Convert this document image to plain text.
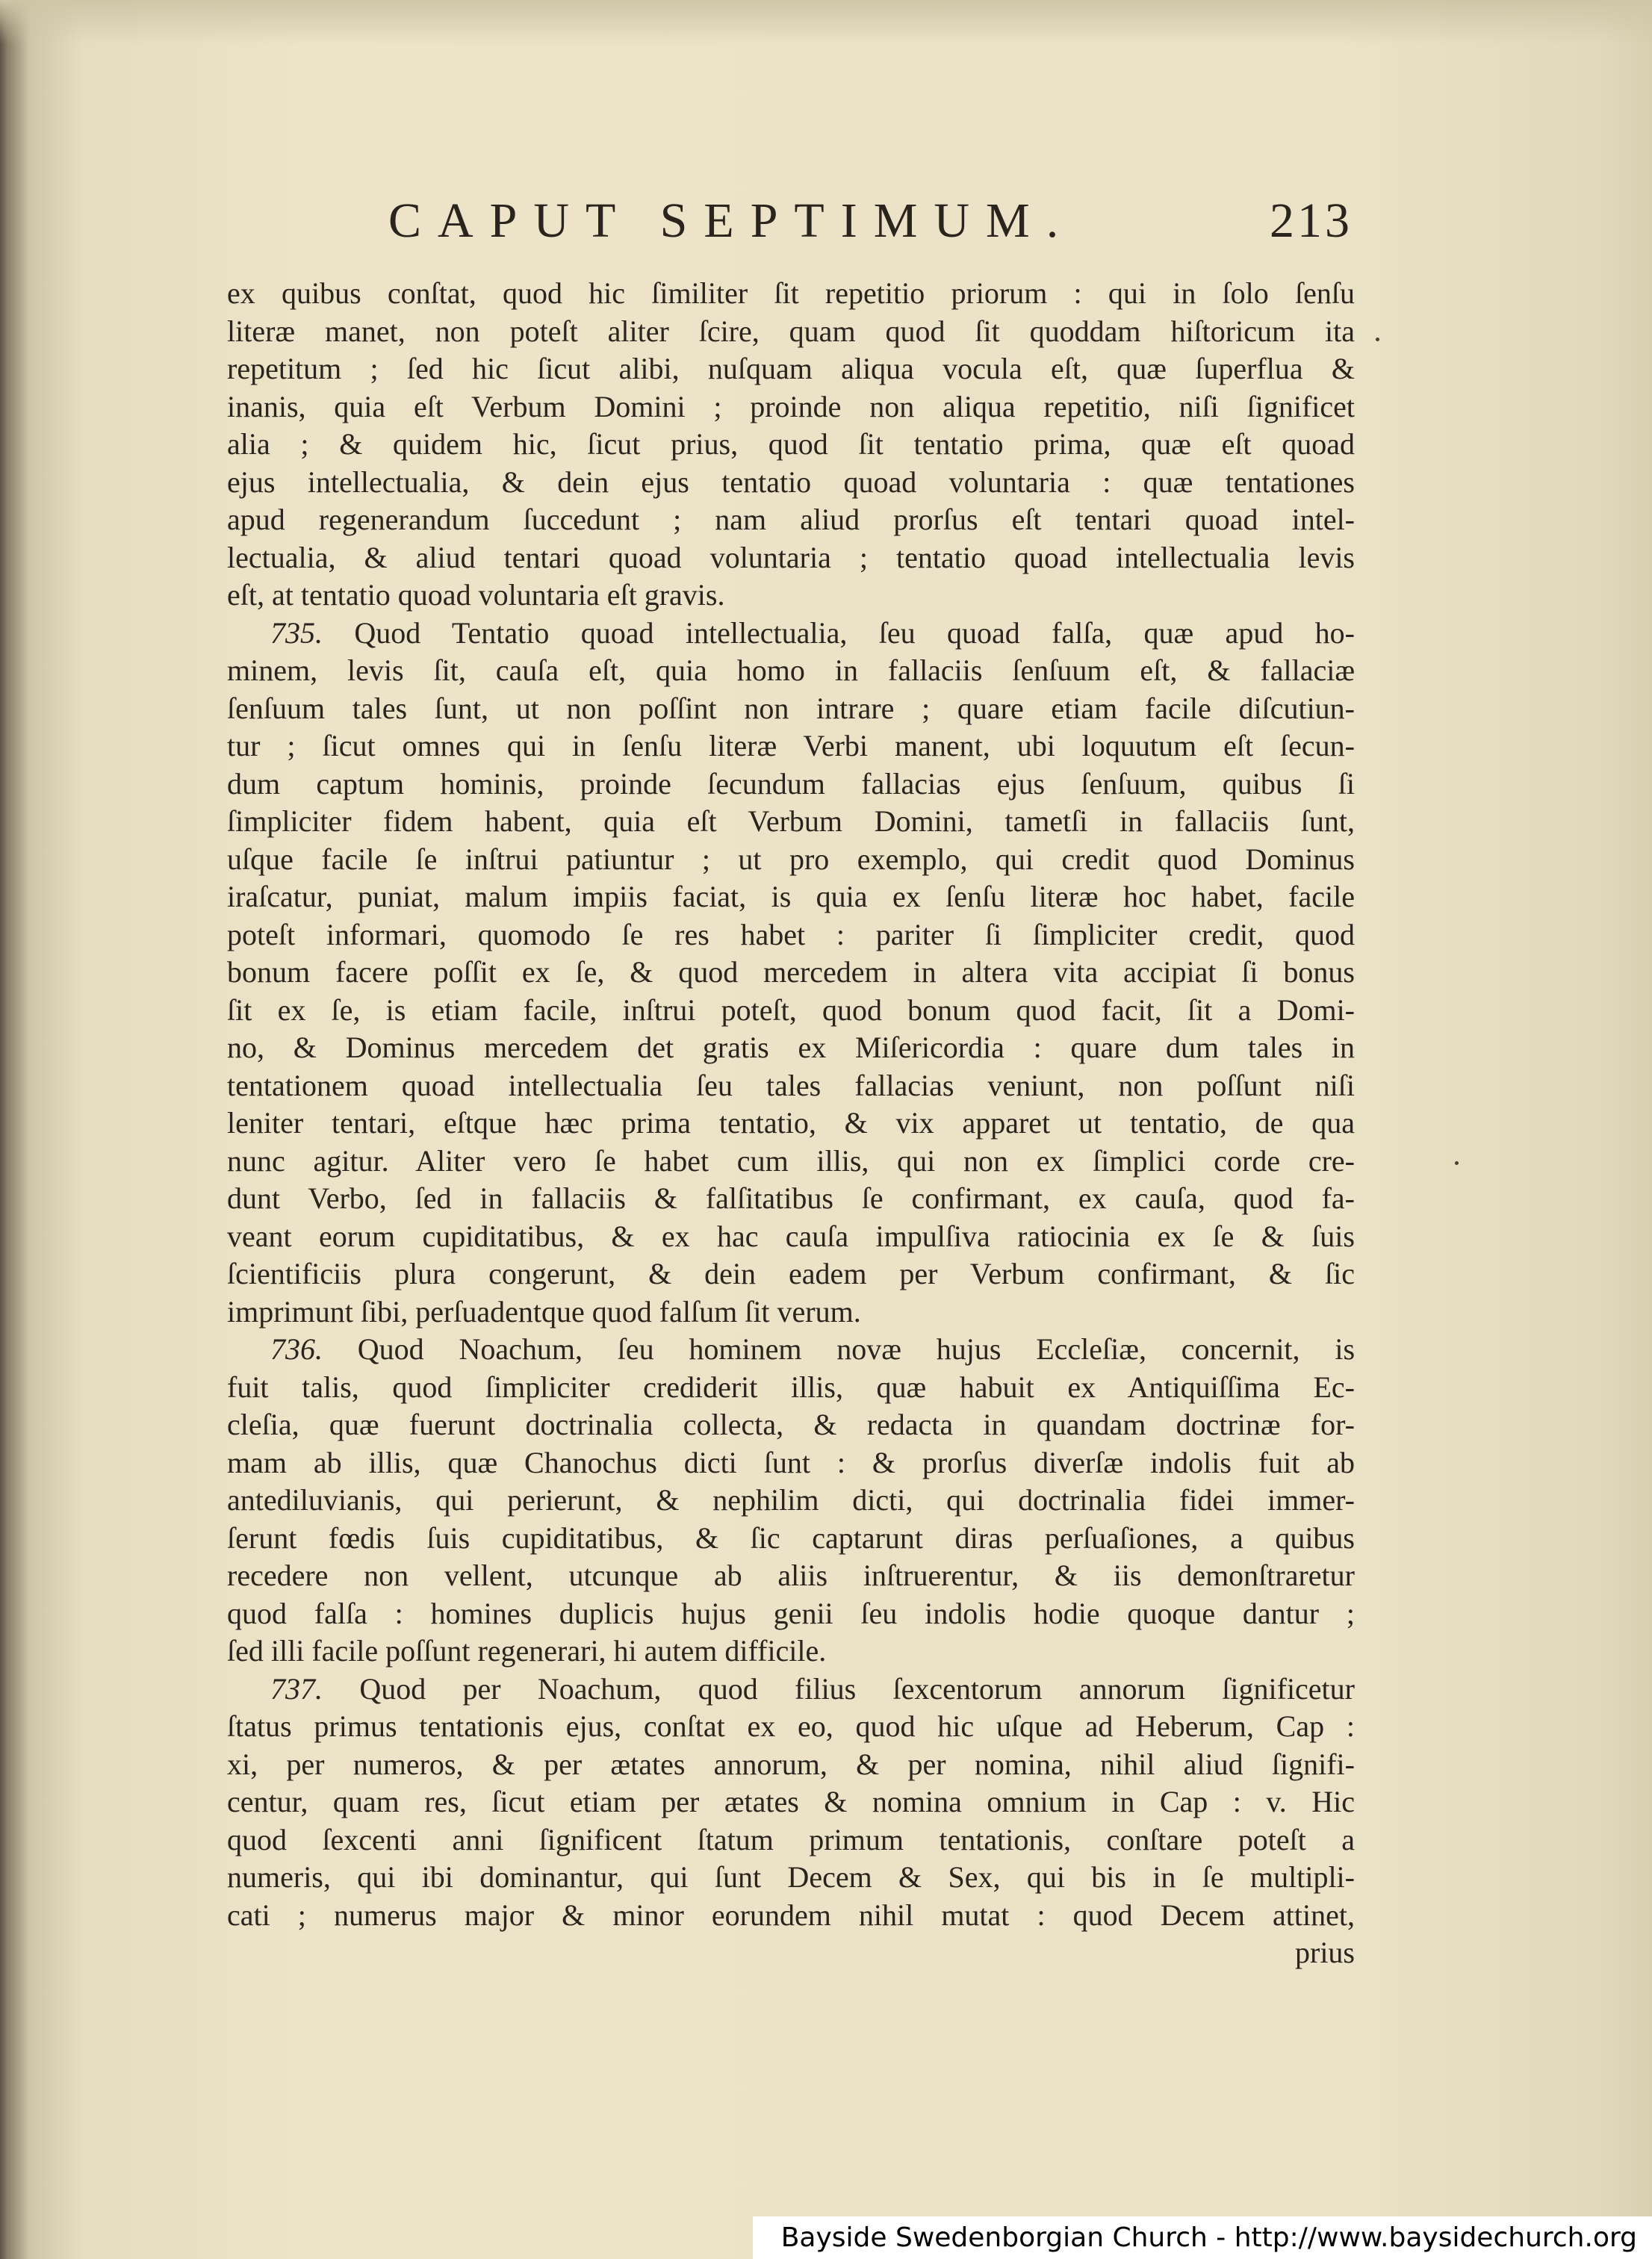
CAPUT SEPTIMUM.	213
ex quibus conſtat, quod hic ſimiliter ſit repetitio priorum : qui in ſolo ſenſu
literæ manet, non poteſt aliter ſcire, quam quod ſit quoddam hiſtoricum ita
repetitum ; ſed hic ſicut alibi, nuſquam aliqua vocula eſt, quæ ſuperflua &
inanis, quia eſt Verbum Domini ; proinde non aliqua repetitio, niſi ſignificet
alia ; & quidem hic, ſicut prius, quod ſit tentatio prima, quæ eſt quoad
ejus intellectualia, & dein ejus tentatio quoad voluntaria : quæ tentationes
apud regenerandum ſuccedunt ; nam aliud prorſus eſt tentari quoad intel-
lectualia, & aliud tentari quoad voluntaria ; tentatio quoad intellectualia levis
eſt, at tentatio quoad voluntaria eſt gravis.
735. Quod Tentatio quoad intellectualia, ſeu quoad falſa, quæ apud ho-
minem, levis ſit, cauſa eſt, quia homo in fallaciis ſenſuum eſt, & fallaciæ
ſenſuum tales ſunt, ut non poſſint non intrare ; quare etiam facile diſcutiun-
tur ; ſicut omnes qui in ſenſu literæ Verbi manent, ubi loquutum eſt ſecun-
dum captum hominis, proinde ſecundum fallacias ejus ſenſuum, quibus ſi
ſimpliciter fidem habent, quia eſt Verbum Domini, tametſi in fallaciis ſunt,
uſque facile ſe inſtrui patiuntur ; ut pro exemplo, qui credit quod Dominus
iraſcatur, puniat, malum impiis faciat, is quia ex ſenſu literæ hoc habet, facile
poteſt informari, quomodo ſe res habet : pariter ſi ſimpliciter credit, quod
bonum facere poſſit ex ſe, & quod mercedem in altera vita accipiat ſi bonus
ſit ex ſe, is etiam facile, inſtrui poteſt, quod bonum quod facit, ſit a Domi-
no, & Dominus mercedem det gratis ex Miſericordia : quare dum tales in
tentationem quoad intellectualia ſeu tales fallacias veniunt, non poſſunt niſi
leniter tentari, eſtque hæc prima tentatio, & vix apparet ut tentatio, de qua
nunc agitur. Aliter vero ſe habet cum illis, qui non ex ſimplici corde cre-
dunt Verbo, ſed in fallaciis & falſitatibus ſe confirmant, ex cauſa, quod fa-
veant eorum cupiditatibus, & ex hac cauſa impulſiva ratiocinia ex ſe & ſuis
ſcientificiis plura congerunt, & dein eadem per Verbum confirmant, & ſic
imprimunt ſibi, perſuadentque quod falſum ſit verum.
736. Quod Noachum, ſeu hominem novæ hujus Eccleſiæ, concernit, is
fuit talis, quod ſimpliciter crediderit illis, quæ habuit ex Antiquiſſima Ec-
cleſia, quæ fuerunt doctrinalia collecta, & redacta in quandam doctrinæ for-
mam ab illis, quæ Chanochus dicti ſunt : & prorſus diverſæ indolis fuit ab
antediluvianis, qui perierunt, & nephilim dicti, qui doctrinalia fidei immer-
ſerunt fœdis ſuis cupiditatibus, & ſic captarunt diras perſuaſiones, a quibus
recedere non vellent, utcunque ab aliis inſtruerentur, & iis demonſtraretur
quod falſa : homines duplicis hujus genii ſeu indolis hodie quoque dantur ;
ſed illi facile poſſunt regenerari, hi autem difficile.
737. Quod per Noachum, quod filius ſexcentorum annorum ſignificetur
ſtatus primus tentationis ejus, conſtat ex eo, quod hic uſque ad Heberum, Cap :
xi, per numeros, & per ætates annorum, & per nomina, nihil aliud ſignifi-
centur, quam res, ſicut etiam per ætates & nomina omnium in Cap : v. Hic
quod ſexcenti anni ſignificent ſtatum primum tentationis, conſtare poteſt a
numeris, qui ibi dominantur, qui ſunt Decem & Sex, qui bis in ſe multipli-
cati ; numerus major & minor eorundem nihil mutat : quod Decem attinet,
prius
Bayside Swedenborgian Church - http://www.baysidechurch.org
